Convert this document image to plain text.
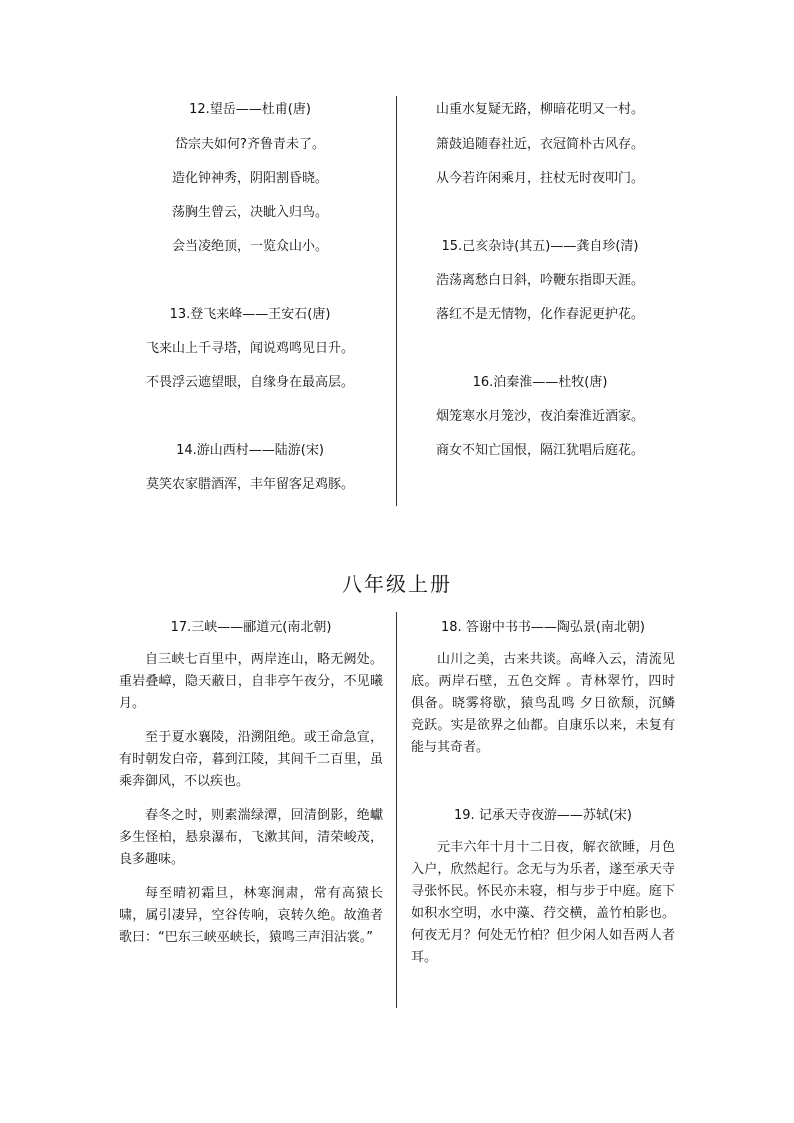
12.望岳——杜甫(唐)
岱宗夫如何?齐鲁青未了。
造化钟神秀，阴阳割昏晓。
荡胸生曾云，决眦入归鸟。
会当凌绝顶，一览众山小。
13.登飞来峰——王安石(唐)
飞来山上千寻塔，闻说鸡鸣见日升。
不畏浮云遮望眼，自缘身在最高层。
14.游山西村——陆游(宋)
莫笑农家腊酒浑，丰年留客足鸡豚。
山重水复疑无路，柳暗花明又一村。
箫鼓追随春社近，衣冠简朴古风存。
从今若许闲乘月，拄杖无时夜叩门。
15.己亥杂诗(其五)——龚自珍(清)
浩荡离愁白日斜，吟鞭东指即天涯。
落红不是无情物，化作春泥更护花。
16.泊秦淮——杜牧(唐)
烟笼寒水月笼沙，夜泊秦淮近酒家。
商女不知亡国恨，隔江犹唱后庭花。
八年级上册
17.三峡——郦道元(南北朝)

自三峡七百里中，两岸连山，略无阙处。重岩叠嶂，隐天蔽日，自非亭午夜分，不见曦月。

至于夏水襄陵，沿溯阻绝。或王命急宣，有时朝发白帝，暮到江陵，其间千二百里，虽乘奔御风，不以疾也。

春冬之时，则素湍绿潭，回清倒影，绝巘多生怪柏，悬泉瀑布，飞漱其间，清荣峻茂，良多趣味。

每至晴初霜旦，林寒涧肃，常有高猿长啸，属引凄异，空谷传响，哀转久绝。故渔者歌曰：“巴东三峡巫峡长，猿鸣三声泪沾裳。”

18. 答谢中书书——陶弘景(南北朝)

山川之美，古来共谈。高峰入云，清流见底。两岸石壁，五色交辉 。青林翠竹，四时俱备。晓雾将歇，猿鸟乱鸣 夕日欲颓，沉鳞竞跃。实是欲界之仙都。自康乐以来，未复有能与其奇者。

19. 记承天寺夜游——苏轼(宋)

元丰六年十月十二日夜，解衣欲睡，月色入户，欣然起行。念无与为乐者，遂至承天寺寻张怀民。怀民亦未寝，相与步于中庭。庭下如积水空明，水中藻、荇交横，盖竹柏影也。何夜无月？何处无竹柏？但少闲人如吾两人者耳。
